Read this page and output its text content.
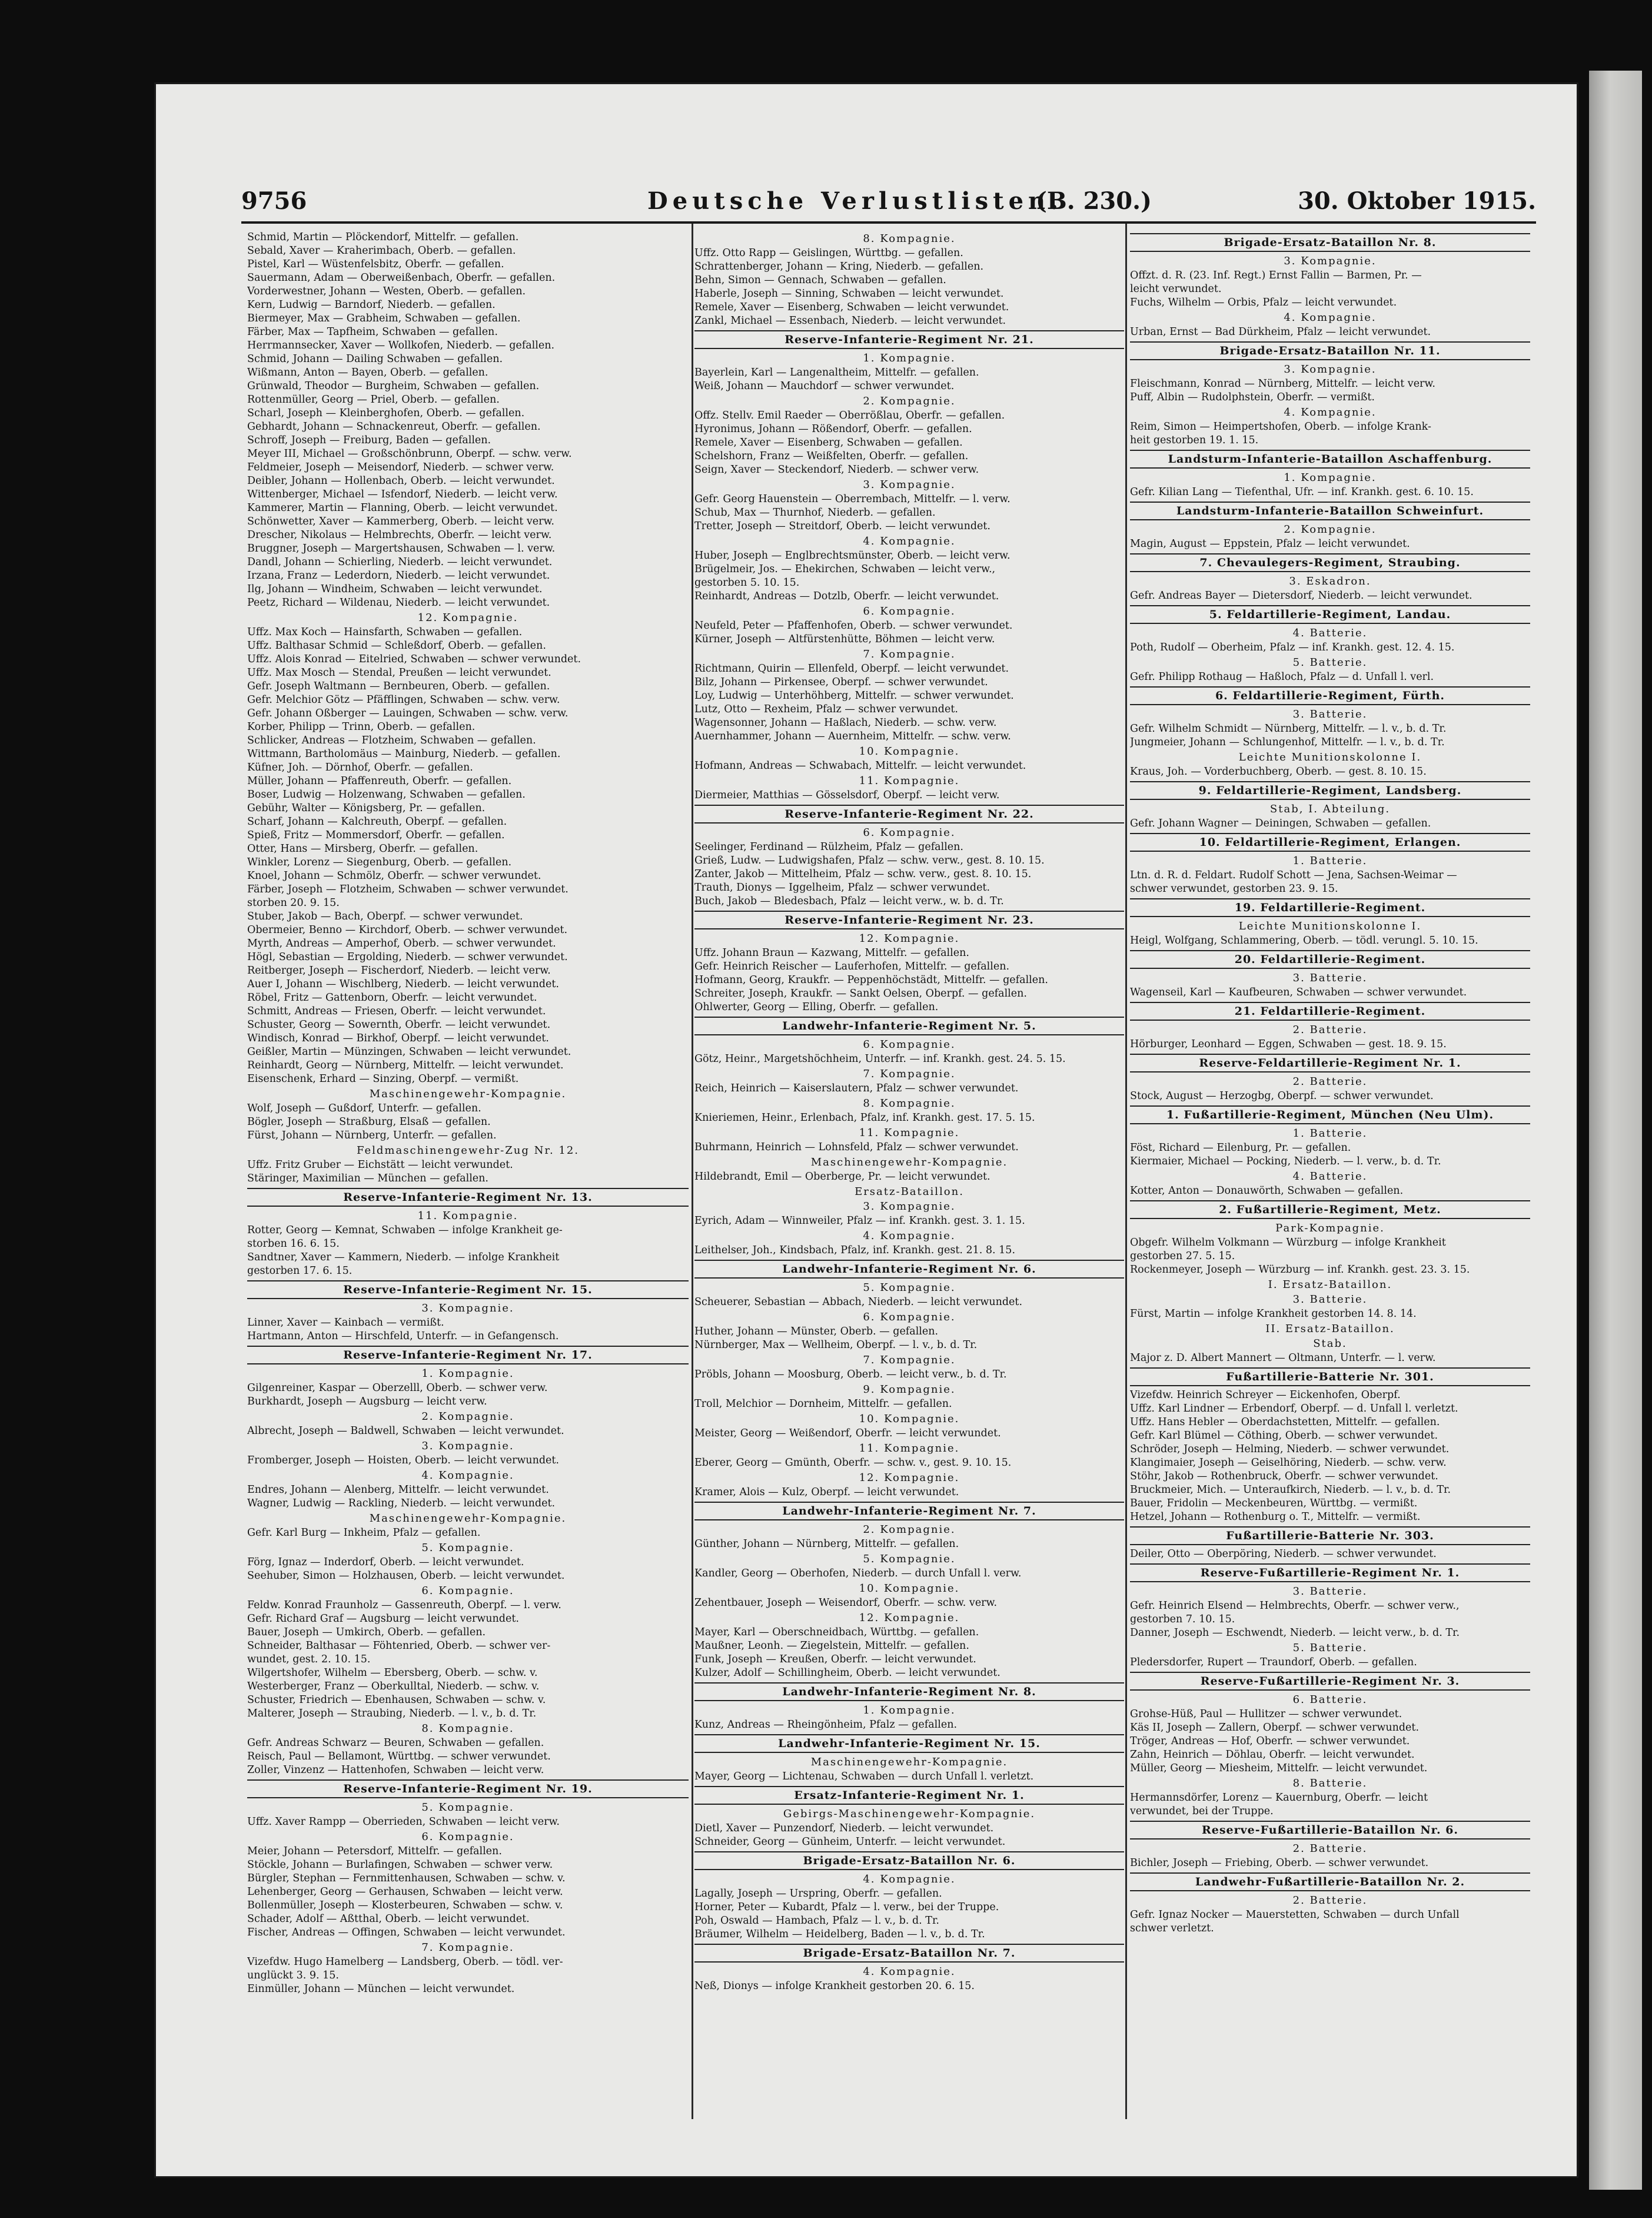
9756	Deutsche Verlustlisten.
(B. 230.)	30. Oktober 1915.
Schmid, Martin — Plöckendorf, Mittelfr. — gefallen.
Sebald, Xaver — Kraherimbach, Oberb. — gefallen.
Pistel, Karl — Wüstenfelsbitz, Oberfr. — gefallen.
Sauermann, Adam — Oberweißenbach, Oberfr. — gefallen.
Vorderwestner, Johann — Westen, Oberb. — gefallen.
Kern, Ludwig — Barndorf, Niederb. — gefallen.
Biermeyer, Max — Grabheim, Schwaben — gefallen.
Färber, Max — Tapfheim, Schwaben — gefallen.
Herrmannsecker, Xaver — Wollkofen, Niederb. — gefallen.
Schmid, Johann — Dailing Schwaben — gefallen.
Wißmann, Anton — Bayen, Oberb. — gefallen.
Grünwald, Theodor — Burgheim, Schwaben — gefallen.
Rottenmüller, Georg — Priel, Oberb. — gefallen.
Scharl, Joseph — Kleinberghofen, Oberb. — gefallen.
Gebhardt, Johann — Schnackenreut, Oberfr. — gefallen.
Schroff, Joseph — Freiburg, Baden — gefallen.
Meyer III, Michael — Großschönbrunn, Oberpf. — schw. verw.
Feldmeier, Joseph — Meisendorf, Niederb. — schwer verw.
Deibler, Johann — Hollenbach, Oberb. — leicht verwundet.
Wittenberger, Michael — Isfendorf, Niederb. — leicht verw.
Kammerer, Martin — Flanning, Oberb. — leicht verwundet.
Schönwetter, Xaver — Kammerberg, Oberb. — leicht verw.
Drescher, Nikolaus — Helmbrechts, Oberfr. — leicht verw.
Bruggner, Joseph — Margertshausen, Schwaben — l. verw.
Dandl, Johann — Schierling, Niederb. — leicht verwundet.
Irzana, Franz — Lederdorn, Niederb. — leicht verwundet.
Ilg, Johann — Windheim, Schwaben — leicht verwundet.
Peetz, Richard — Wildenau, Niederb. — leicht verwundet.
12. Kompagnie.
Uffz. Max Koch — Hainsfarth, Schwaben — gefallen.
Uffz. Balthasar Schmid — Schleßdorf, Oberb. — gefallen.
Uffz. Alois Konrad — Eitelried, Schwaben — schwer verwundet.
Uffz. Max Mosch — Stendal, Preußen — leicht verwundet.
Gefr. Joseph Waltmann — Bernbeuren, Oberb. — gefallen.
Gefr. Melchior Götz — Pfäfflingen, Schwaben — schw. verw.
Gefr. Johann Oßberger — Lauingen, Schwaben — schw. verw.
Korber, Philipp — Trinn, Oberb. — gefallen.
Schlicker, Andreas — Flotzheim, Schwaben — gefallen.
Wittmann, Bartholomäus — Mainburg, Niederb. — gefallen.
Küfner, Joh. — Dörnhof, Oberfr. — gefallen.
Müller, Johann — Pfaffenreuth, Oberfr. — gefallen.
Boser, Ludwig — Holzenwang, Schwaben — gefallen.
Gebühr, Walter — Königsberg, Pr. — gefallen.
Scharf, Johann — Kalchreuth, Oberpf. — gefallen.
Spieß, Fritz — Mommersdorf, Oberfr. — gefallen.
Otter, Hans — Mirsberg, Oberfr. — gefallen.
Winkler, Lorenz — Siegenburg, Oberb. — gefallen.
Knoel, Johann — Schmölz, Oberfr. — schwer verwundet.
Färber, Joseph — Flotzheim, Schwaben — schwer verwundet.
storben 20. 9. 15.
Stuber, Jakob — Bach, Oberpf. — schwer verwundet.
Obermeier, Benno — Kirchdorf, Oberb. — schwer verwundet.
Myrth, Andreas — Amperhof, Oberb. — schwer verwundet.
Högl, Sebastian — Ergolding, Niederb. — schwer verwundet.
Reitberger, Joseph — Fischerdorf, Niederb. — leicht verw.
Auer I, Johann — Wischlberg, Niederb. — leicht verwundet.
Röbel, Fritz — Gattenborn, Oberfr. — leicht verwundet.
Schmitt, Andreas — Friesen, Oberfr. — leicht verwundet.
Schuster, Georg — Sowernth, Oberfr. — leicht verwundet.
Windisch, Konrad — Birkhof, Oberpf. — leicht verwundet.
Geißler, Martin — Münzingen, Schwaben — leicht verwundet.
Reinhardt, Georg — Nürnberg, Mittelfr. — leicht verwundet.
Eisenschenk, Erhard — Sinzing, Oberpf. — vermißt.
Maschinengewehr-Kompagnie.
Wolf, Joseph — Gußdorf, Unterfr. — gefallen.
Bögler, Joseph — Straßburg, Elsaß — gefallen.
Fürst, Johann — Nürnberg, Unterfr. — gefallen.
Feldmaschinengewehr-Zug Nr. 12.
Uffz. Fritz Gruber — Eichstätt — leicht verwundet.
Stäringer, Maximilian — München — gefallen.
Reserve-Infanterie-Regiment Nr. 13.
11. Kompagnie.
Rotter, Georg — Kemnat, Schwaben — infolge Krankheit ge-
storben 16. 6. 15.
Sandtner, Xaver — Kammern, Niederb. — infolge Krankheit
gestorben 17. 6. 15.
Reserve-Infanterie-Regiment Nr. 15.
3. Kompagnie.
Linner, Xaver — Kainbach — vermißt.
Hartmann, Anton — Hirschfeld, Unterfr. — in Gefangensch.
Reserve-Infanterie-Regiment Nr. 17.
1. Kompagnie.
Gilgenreiner, Kaspar — Oberzelll, Oberb. — schwer verw.
Burkhardt, Joseph — Augsburg — leicht verw.
2. Kompagnie.
Albrecht, Joseph — Baldwell, Schwaben — leicht verwundet.
3. Kompagnie.
Fromberger, Joseph — Hoisten, Oberb. — leicht verwundet.
4. Kompagnie.
Endres, Johann — Alenberg, Mittelfr. — leicht verwundet.
Wagner, Ludwig — Rackling, Niederb. — leicht verwundet.
Maschinengewehr-Kompagnie.
Gefr. Karl Burg — Inkheim, Pfalz — gefallen.
5. Kompagnie.
Förg, Ignaz — Inderdorf, Oberb. — leicht verwundet.
Seehuber, Simon — Holzhausen, Oberb. — leicht verwundet.
6. Kompagnie.
Feldw. Konrad Fraunholz — Gassenreuth, Oberpf. — l. verw.
Gefr. Richard Graf — Augsburg — leicht verwundet.
Bauer, Joseph — Umkirch, Oberb. — gefallen.
Schneider, Balthasar — Föhtenried, Oberb. — schwer ver-
wundet, gest. 2. 10. 15.
Wilgertshofer, Wilhelm — Ebersberg, Oberb. — schw. v.
Westerberger, Franz — Oberkulltal, Niederb. — schw. v.
Schuster, Friedrich — Ebenhausen, Schwaben — schw. v.
Malterer, Joseph — Straubing, Niederb. — l. v., b. d. Tr.
8. Kompagnie.
Gefr. Andreas Schwarz — Beuren, Schwaben — gefallen.
Reisch, Paul — Bellamont, Württbg. — schwer verwundet.
Zoller, Vinzenz — Hattenhofen, Schwaben — leicht verw.
Reserve-Infanterie-Regiment Nr. 19.
5. Kompagnie.
Uffz. Xaver Rampp — Oberrieden, Schwaben — leicht verw.
6. Kompagnie.
Meier, Johann — Petersdorf, Mittelfr. — gefallen.
Stöckle, Johann — Burlafingen, Schwaben — schwer verw.
Bürgler, Stephan — Fernmittenhausen, Schwaben — schw. v.
Lehenberger, Georg — Gerhausen, Schwaben — leicht verw.
Bollenmüller, Joseph — Klosterbeuren, Schwaben — schw. v.
Schader, Adolf — Aßtthal, Oberb. — leicht verwundet.
Fischer, Andreas — Offingen, Schwaben — leicht verwundet.
7. Kompagnie.
Vizefdw. Hugo Hamelberg — Landsberg, Oberb. — tödl. ver-
unglückt 3. 9. 15.
Einmüller, Johann — München — leicht verwundet.
8. Kompagnie.
Uffz. Otto Rapp — Geislingen, Württbg. — gefallen.
Schrattenberger, Johann — Kring, Niederb. — gefallen.
Behn, Simon — Gennach, Schwaben — gefallen.
Haberle, Joseph — Sinning, Schwaben — leicht verwundet.
Remele, Xaver — Eisenberg, Schwaben — leicht verwundet.
Zankl, Michael — Essenbach, Niederb. — leicht verwundet.
Reserve-Infanterie-Regiment Nr. 21.
1. Kompagnie.
Bayerlein, Karl — Langenaltheim, Mittelfr. — gefallen.
Weiß, Johann — Mauchdorf — schwer verwundet.
2. Kompagnie.
Offz. Stellv. Emil Raeder — Oberrößlau, Oberfr. — gefallen.
Hyronimus, Johann — Rößendorf, Oberfr. — gefallen.
Remele, Xaver — Eisenberg, Schwaben — gefallen.
Schelshorn, Franz — Weißfelten, Oberfr. — gefallen.
Seign, Xaver — Steckendorf, Niederb. — schwer verw.
3. Kompagnie.
Gefr. Georg Hauenstein — Oberrembach, Mittelfr. — l. verw.
Schub, Max — Thurnhof, Niederb. — gefallen.
Tretter, Joseph — Streitdorf, Oberb. — leicht verwundet.
4. Kompagnie.
Huber, Joseph — Englbrechtsmünster, Oberb. — leicht verw.
Brügelmeir, Jos. — Ehekirchen, Schwaben — leicht verw.,
gestorben 5. 10. 15.
Reinhardt, Andreas — Dotzlb, Oberfr. — leicht verwundet.
6. Kompagnie.
Neufeld, Peter — Pfaffenhofen, Oberb. — schwer verwundet.
Kürner, Joseph — Altfürstenhütte, Böhmen — leicht verw.
7. Kompagnie.
Richtmann, Quirin — Ellenfeld, Oberpf. — leicht verwundet.
Bilz, Johann — Pirkensee, Oberpf. — schwer verwundet.
Loy, Ludwig — Unterhöhberg, Mittelfr. — schwer verwundet.
Lutz, Otto — Rexheim, Pfalz — schwer verwundet.
Wagensonner, Johann — Haßlach, Niederb. — schw. verw.
Auernhammer, Johann — Auernheim, Mittelfr. — schw. verw.
10. Kompagnie.
Hofmann, Andreas — Schwabach, Mittelfr. — leicht verwundet.
11. Kompagnie.
Diermeier, Matthias — Gösselsdorf, Oberpf. — leicht verw.
Reserve-Infanterie-Regiment Nr. 22.
6. Kompagnie.
Seelinger, Ferdinand — Rülzheim, Pfalz — gefallen.
Grieß, Ludw. — Ludwigshafen, Pfalz — schw. verw., gest. 8. 10. 15.
Zanter, Jakob — Mittelheim, Pfalz — schw. verw., gest. 8. 10. 15.
Trauth, Dionys — Iggelheim, Pfalz — schwer verwundet.
Buch, Jakob — Bledesbach, Pfalz — leicht verw., w. b. d. Tr.
Reserve-Infanterie-Regiment Nr. 23.
12. Kompagnie.
Uffz. Johann Braun — Kazwang, Mittelfr. — gefallen.
Gefr. Heinrich Reischer — Lauferhofen, Mittelfr. — gefallen.
Hofmann, Georg, Kraukfr. — Peppenhöchstädt, Mittelfr. — gefallen.
Schreiter, Joseph, Kraukfr. — Sankt Oelsen, Oberpf. — gefallen.
Ohlwerter, Georg — Elling, Oberfr. — gefallen.
Landwehr-Infanterie-Regiment Nr. 5.
6. Kompagnie.
Götz, Heinr., Margetshöchheim, Unterfr. — inf. Krankh. gest. 24. 5. 15.
7. Kompagnie.
Reich, Heinrich — Kaiserslautern, Pfalz — schwer verwundet.
8. Kompagnie.
Knieriemen, Heinr., Erlenbach, Pfalz, inf. Krankh. gest. 17. 5. 15.
11. Kompagnie.
Buhrmann, Heinrich — Lohnsfeld, Pfalz — schwer verwundet.
Maschinengewehr-Kompagnie.
Hildebrandt, Emil — Oberberge, Pr. — leicht verwundet.
Ersatz-Bataillon.
3. Kompagnie.
Eyrich, Adam — Winnweiler, Pfalz — inf. Krankh. gest. 3. 1. 15.
4. Kompagnie.
Leithelser, Joh., Kindsbach, Pfalz, inf. Krankh. gest. 21. 8. 15.
Landwehr-Infanterie-Regiment Nr. 6.
5. Kompagnie.
Scheuerer, Sebastian — Abbach, Niederb. — leicht verwundet.
6. Kompagnie.
Huther, Johann — Münster, Oberb. — gefallen.
Nürnberger, Max — Wellheim, Oberpf. — l. v., b. d. Tr.
7. Kompagnie.
Pröbls, Johann — Moosburg, Oberb. — leicht verw., b. d. Tr.
9. Kompagnie.
Troll, Melchior — Dornheim, Mittelfr. — gefallen.
10. Kompagnie.
Meister, Georg — Weißendorf, Oberfr. — leicht verwundet.
11. Kompagnie.
Eberer, Georg — Gmünth, Oberfr. — schw. v., gest. 9. 10. 15.
12. Kompagnie.
Kramer, Alois — Kulz, Oberpf. — leicht verwundet.
Landwehr-Infanterie-Regiment Nr. 7.
2. Kompagnie.
Günther, Johann — Nürnberg, Mittelfr. — gefallen.
5. Kompagnie.
Kandler, Georg — Oberhofen, Niederb. — durch Unfall l. verw.
10. Kompagnie.
Zehentbauer, Joseph — Weisendorf, Oberfr. — schw. verw.
12. Kompagnie.
Mayer, Karl — Oberschneidbach, Württbg. — gefallen.
Maußner, Leonh. — Ziegelstein, Mittelfr. — gefallen.
Funk, Joseph — Kreußen, Oberfr. — leicht verwundet.
Kulzer, Adolf — Schillingheim, Oberb. — leicht verwundet.
Landwehr-Infanterie-Regiment Nr. 8.
1. Kompagnie.
Kunz, Andreas — Rheingönheim, Pfalz — gefallen.
Landwehr-Infanterie-Regiment Nr. 15.
Maschinengewehr-Kompagnie.
Mayer, Georg — Lichtenau, Schwaben — durch Unfall l. verletzt.
Ersatz-Infanterie-Regiment Nr. 1.
Gebirgs-Maschinengewehr-Kompagnie.
Dietl, Xaver — Punzendorf, Niederb. — leicht verwundet.
Schneider, Georg — Günheim, Unterfr. — leicht verwundet.
Brigade-Ersatz-Bataillon Nr. 6.
4. Kompagnie.
Lagally, Joseph — Urspring, Oberfr. — gefallen.
Horner, Peter — Kubardt, Pfalz — l. verw., bei der Truppe.
Poh, Oswald — Hambach, Pfalz — l. v., b. d. Tr.
Bräumer, Wilhelm — Heidelberg, Baden — l. v., b. d. Tr.
Brigade-Ersatz-Bataillon Nr. 7.
4. Kompagnie.
Neß, Dionys — infolge Krankheit gestorben 20. 6. 15.
Brigade-Ersatz-Bataillon Nr. 8.
3. Kompagnie.
Offzt. d. R. (23. Inf. Regt.) Ernst Fallin — Barmen, Pr. —
leicht verwundet.
Fuchs, Wilhelm — Orbis, Pfalz — leicht verwundet.
4. Kompagnie.
Urban, Ernst — Bad Dürkheim, Pfalz — leicht verwundet.
Brigade-Ersatz-Bataillon Nr. 11.
3. Kompagnie.
Fleischmann, Konrad — Nürnberg, Mittelfr. — leicht verw.
Puff, Albin — Rudolphstein, Oberfr. — vermißt.
4. Kompagnie.
Reim, Simon — Heimpertshofen, Oberb. — infolge Krank-
heit gestorben 19. 1. 15.
Landsturm-Infanterie-Bataillon Aschaffenburg.
1. Kompagnie.
Gefr. Kilian Lang — Tiefenthal, Ufr. — inf. Krankh. gest. 6. 10. 15.
Landsturm-Infanterie-Bataillon Schweinfurt.
2. Kompagnie.
Magin, August — Eppstein, Pfalz — leicht verwundet.
7. Chevaulegers-Regiment, Straubing.
3. Eskadron.
Gefr. Andreas Bayer — Dietersdorf, Niederb. — leicht verwundet.
5. Feldartillerie-Regiment, Landau.
4. Batterie.
Poth, Rudolf — Oberheim, Pfalz — inf. Krankh. gest. 12. 4. 15.
5. Batterie.
Gefr. Philipp Rothaug — Haßloch, Pfalz — d. Unfall l. verl.
6. Feldartillerie-Regiment, Fürth.
3. Batterie.
Gefr. Wilhelm Schmidt — Nürnberg, Mittelfr. — l. v., b. d. Tr.
Jungmeier, Johann — Schlungenhof, Mittelfr. — l. v., b. d. Tr.
Leichte Munitionskolonne I.
Kraus, Joh. — Vorderbuchberg, Oberb. — gest. 8. 10. 15.
9. Feldartillerie-Regiment, Landsberg.
Stab, I. Abteilung.
Gefr. Johann Wagner — Deiningen, Schwaben — gefallen.
10. Feldartillerie-Regiment, Erlangen.
1. Batterie.
Ltn. d. R. d. Feldart. Rudolf Schott — Jena, Sachsen-Weimar —
schwer verwundet, gestorben 23. 9. 15.
19. Feldartillerie-Regiment.
Leichte Munitionskolonne I.
Heigl, Wolfgang, Schlammering, Oberb. — tödl. verungl. 5. 10. 15.
20. Feldartillerie-Regiment.
3. Batterie.
Wagenseil, Karl — Kaufbeuren, Schwaben — schwer verwundet.
21. Feldartillerie-Regiment.
2. Batterie.
Hörburger, Leonhard — Eggen, Schwaben — gest. 18. 9. 15.
Reserve-Feldartillerie-Regiment Nr. 1.
2. Batterie.
Stock, August — Herzogbg, Oberpf. — schwer verwundet.
1. Fußartillerie-Regiment, München (Neu Ulm).
1. Batterie.
Föst, Richard — Eilenburg, Pr. — gefallen.
Kiermaier, Michael — Pocking, Niederb. — l. verw., b. d. Tr.
4. Batterie.
Kotter, Anton — Donauwörth, Schwaben — gefallen.
2. Fußartillerie-Regiment, Metz.
Park-Kompagnie.
Obgefr. Wilhelm Volkmann — Würzburg — infolge Krankheit
gestorben 27. 5. 15.
Rockenmeyer, Joseph — Würzburg — inf. Krankh. gest. 23. 3. 15.
I. Ersatz-Bataillon.
3. Batterie.
Fürst, Martin — infolge Krankheit gestorben 14. 8. 14.
II. Ersatz-Bataillon.
Stab.
Major z. D. Albert Mannert — Oltmann, Unterfr. — l. verw.
Fußartillerie-Batterie Nr. 301.
Vizefdw. Heinrich Schreyer — Eickenhofen, Oberpf.
Uffz. Karl Lindner — Erbendorf, Oberpf. — d. Unfall l. verletzt.
Uffz. Hans Hebler — Oberdachstetten, Mittelfr. — gefallen.
Gefr. Karl Blümel — Cöthing, Oberb. — schwer verwundet.
Schröder, Joseph — Helming, Niederb. — schwer verwundet.
Klangimaier, Joseph — Geiselhöring, Niederb. — schw. verw.
Stöhr, Jakob — Rothenbruck, Oberfr. — schwer verwundet.
Bruckmeier, Mich. — Unteraufkirch, Niederb. — l. v., b. d. Tr.
Bauer, Fridolin — Meckenbeuren, Württbg. — vermißt.
Hetzel, Johann — Rothenburg o. T., Mittelfr. — vermißt.
Fußartillerie-Batterie Nr. 303.
Deiler, Otto — Oberpöring, Niederb. — schwer verwundet.
Reserve-Fußartillerie-Regiment Nr. 1.
3. Batterie.
Gefr. Heinrich Elsend — Helmbrechts, Oberfr. — schwer verw.,
gestorben 7. 10. 15.
Danner, Joseph — Eschwendt, Niederb. — leicht verw., b. d. Tr.
5. Batterie.
Pledersdorfer, Rupert — Traundorf, Oberb. — gefallen.
Reserve-Fußartillerie-Regiment Nr. 3.
6. Batterie.
Grohse-Hüß, Paul — Hullitzer — schwer verwundet.
Käs II, Joseph — Zallern, Oberpf. — schwer verwundet.
Tröger, Andreas — Hof, Oberfr. — schwer verwundet.
Zahn, Heinrich — Döhlau, Oberfr. — leicht verwundet.
Müller, Georg — Miesheim, Mittelfr. — leicht verwundet.
8. Batterie.
Hermannsdörfer, Lorenz — Kauernburg, Oberfr. — leicht
verwundet, bei der Truppe.
Reserve-Fußartillerie-Bataillon Nr. 6.
2. Batterie.
Bichler, Joseph — Friebing, Oberb. — schwer verwundet.
Landwehr-Fußartillerie-Bataillon Nr. 2.
2. Batterie.
Gefr. Ignaz Nocker — Mauerstetten, Schwaben — durch Unfall
schwer verletzt.
